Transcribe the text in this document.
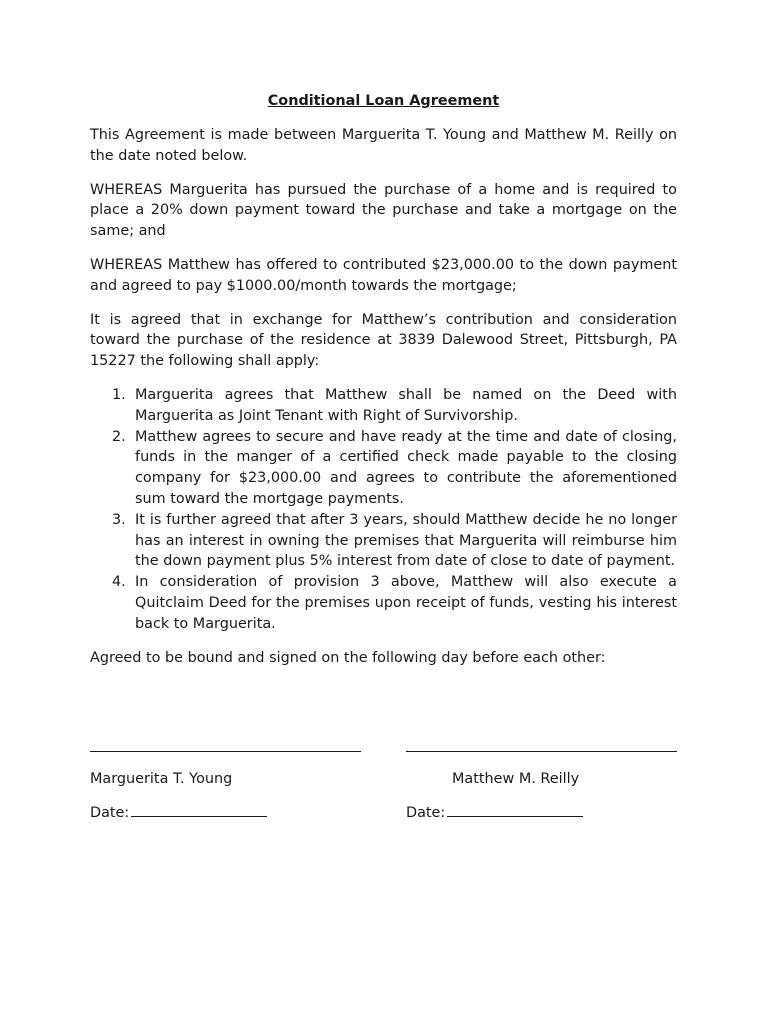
Conditional Loan Agreement

This Agreement is made between Marguerita T. Young and Matthew M. Reilly on the date noted below.

WHEREAS Marguerita has pursued the purchase of a home and is required to place a 20% down payment toward the purchase and take a mortgage on the same; and

WHEREAS Matthew has offered to contributed $23,000.00 to the down payment and agreed to pay $1000.00/month towards the mortgage;

It is agreed that in exchange for Matthew’s contribution and consideration toward the purchase of the residence at 3839 Dalewood Street, Pittsburgh, PA 15227 the following shall apply:

1. Marguerita agrees that Matthew shall be named on the Deed with Marguerita as Joint Tenant with Right of Survivorship.
2. Matthew agrees to secure and have ready at the time and date of closing, funds in the manger of a certified check made payable to the closing company for $23,000.00 and agrees to contribute the aforementioned sum toward the mortgage payments.
3. It is further agreed that after 3 years, should Matthew decide he no longer has an interest in owning the premises that Marguerita will reimburse him the down payment plus 5% interest from date of close to date of payment.
4. In consideration of provision 3 above, Matthew will also execute a Quitclaim Deed for the premises upon receipt of funds, vesting his interest back to Marguerita.

Agreed to be bound and signed on the following day before each other:

Marguerita T. Young	Matthew M. Reilly
Date:	Date:
